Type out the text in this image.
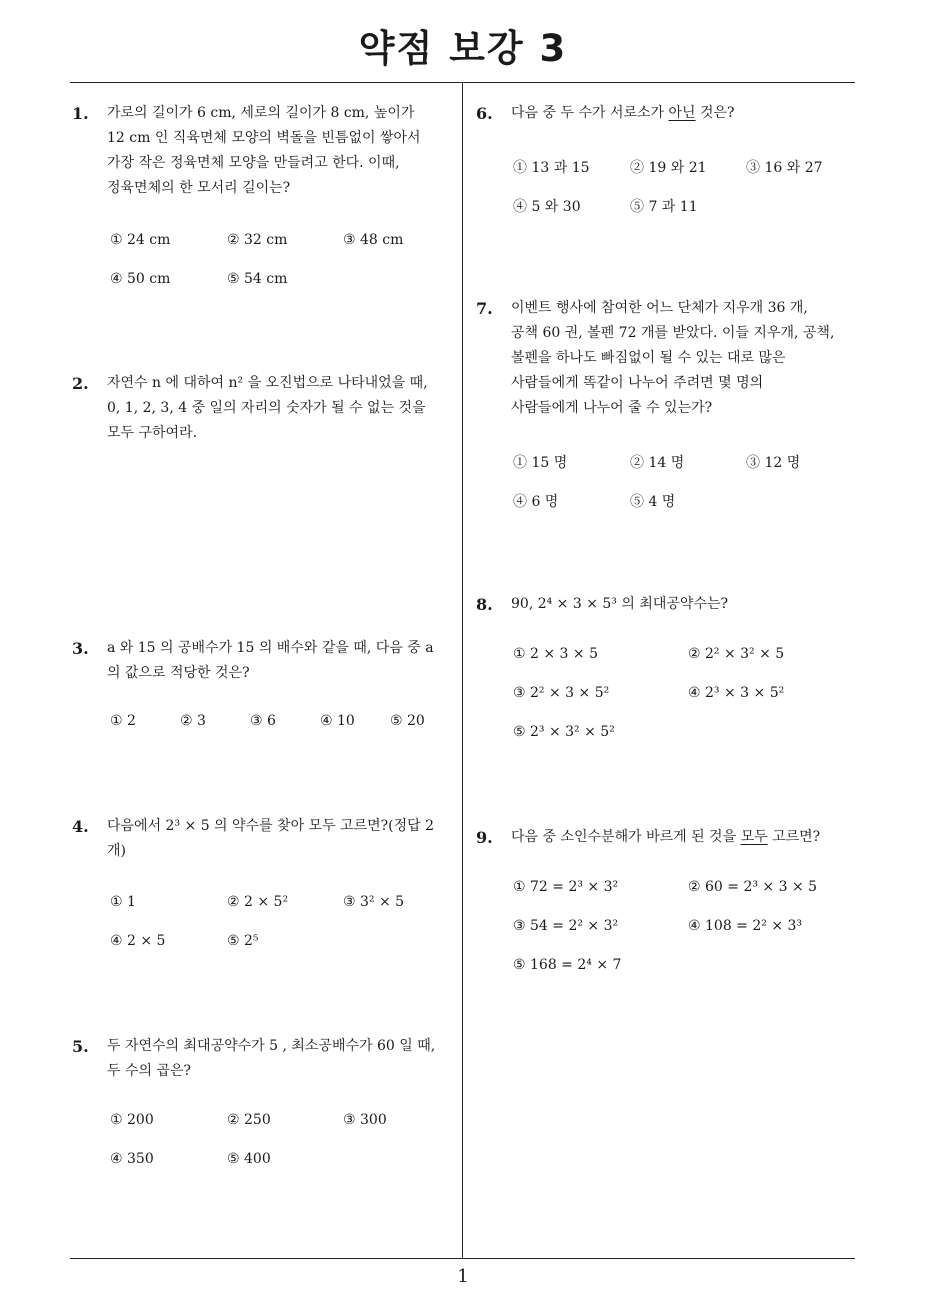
약점 보강 3
1
1. 가로의 길이가 6 cm, 세로의 길이가 8 cm, 높이가
12 cm 인 직육면체 모양의 벽돌을 빈틈없이 쌓아서
가장 작은 정육면체 모양을 만들려고 한다. 이때,
정육면체의 한 모서리 길이는?
① 24 cm	② 32 cm	③ 48 cm
④ 50 cm	⑤ 54 cm
2. 자연수 n 에 대하여 n² 을 오진법으로 나타내었을 때,
0, 1, 2, 3, 4 중 일의 자리의 숫자가 될 수 없는 것을
모두 구하여라.
3. a 와 15 의 공배수가 15 의 배수와 같을 때, 다음 중 a
의 값으로 적당한 것은?
① 2	② 3	③ 6	④ 10	⑤ 20
4. 다음에서 2³ × 5 의 약수를 찾아 모두 고르면?(정답 2
개)
① 1	② 2 × 5²	③ 3² × 5
④ 2 × 5	⑤ 2⁵
5. 두 자연수의 최대공약수가 5 , 최소공배수가 60 일 때,
두 수의 곱은?
① 200	② 250	③ 300
④ 350	⑤ 400
6. 다음 중 두 수가 서로소가 아닌 것은?
① 13 과 15	② 19 와 21	③ 16 와 27
④ 5 와 30	⑤ 7 과 11
7. 이벤트 행사에 참여한 어느 단체가 지우개 36 개,
공책 60 권, 볼펜 72 개를 받았다. 이들 지우개, 공책,
볼펜을 하나도 빠짐없이 될 수 있는 대로 많은
사람들에게 똑같이 나누어 주려면 몇 명의
사람들에게 나누어 줄 수 있는가?
① 15 명	② 14 명	③ 12 명
④ 6 명	⑤ 4 명
8. 90, 2⁴ × 3 × 5³ 의 최대공약수는?
① 2 × 3 × 5	② 2² × 3² × 5
③ 2² × 3 × 5²	④ 2³ × 3 × 5²
⑤ 2³ × 3² × 5²
9. 다음 중 소인수분해가 바르게 된 것을 모두 고르면?
① 72 = 2³ × 3²	② 60 = 2³ × 3 × 5
③ 54 = 2² × 3²	④ 108 = 2² × 3³
⑤ 168 = 2⁴ × 7
